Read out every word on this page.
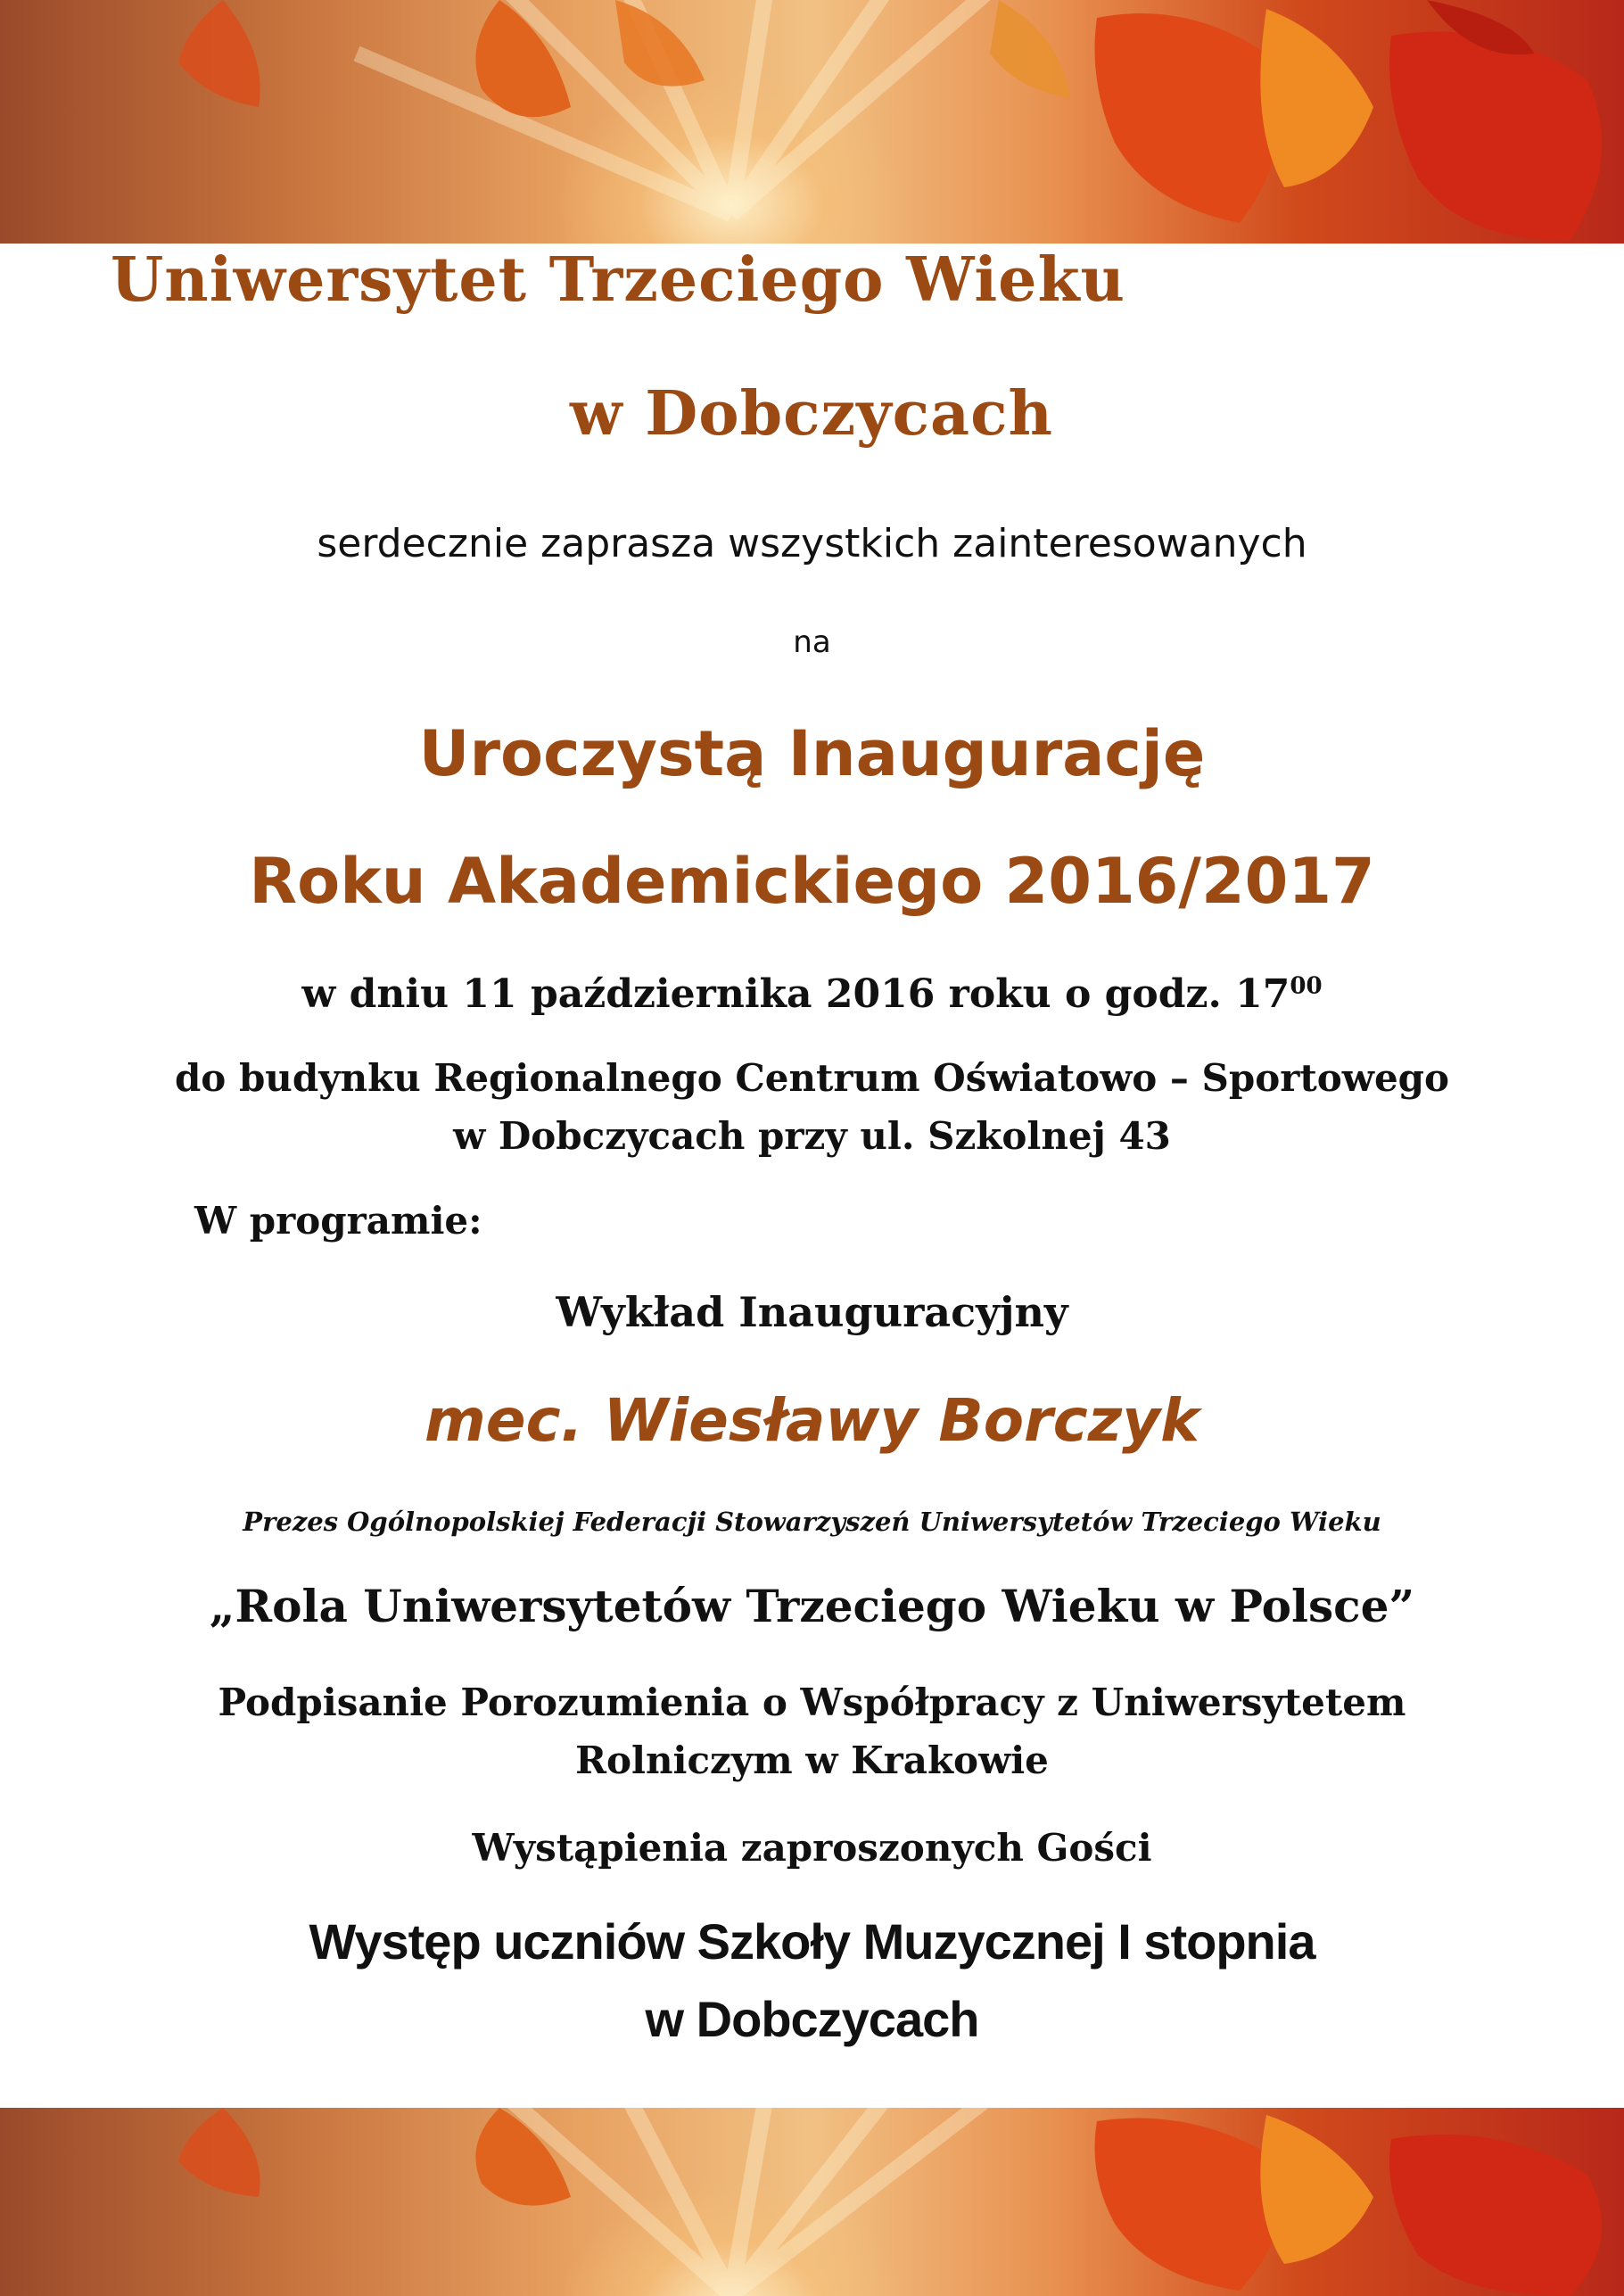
Uniwersytet Trzeciego Wieku

w Dobczycach

serdecznie zaprasza wszystkich zainteresowanych

na

Uroczystą Inaugurację

Roku Akademickiego 2016/2017

w dniu 11 października 2016 roku o godz. $17^{00}$

do budynku Regionalnego Centrum Oświatowo – Sportowego

w Dobczycach przy ul. Szkolnej 43

W programie:

Wykład Inauguracyjny

mec. Wiesławy Borczyk

Prezes Ogólnopolskiej Federacji Stowarzyszeń Uniwersytetów Trzeciego Wieku

„Rola Uniwersytetów Trzeciego Wieku w Polsce”

Podpisanie Porozumienia o Współpracy z Uniwersytetem

Rolniczym w Krakowie

Wystąpienia zaproszonych Gości

Występ uczniów Szkoły Muzycznej I stopnia

w Dobczycach
